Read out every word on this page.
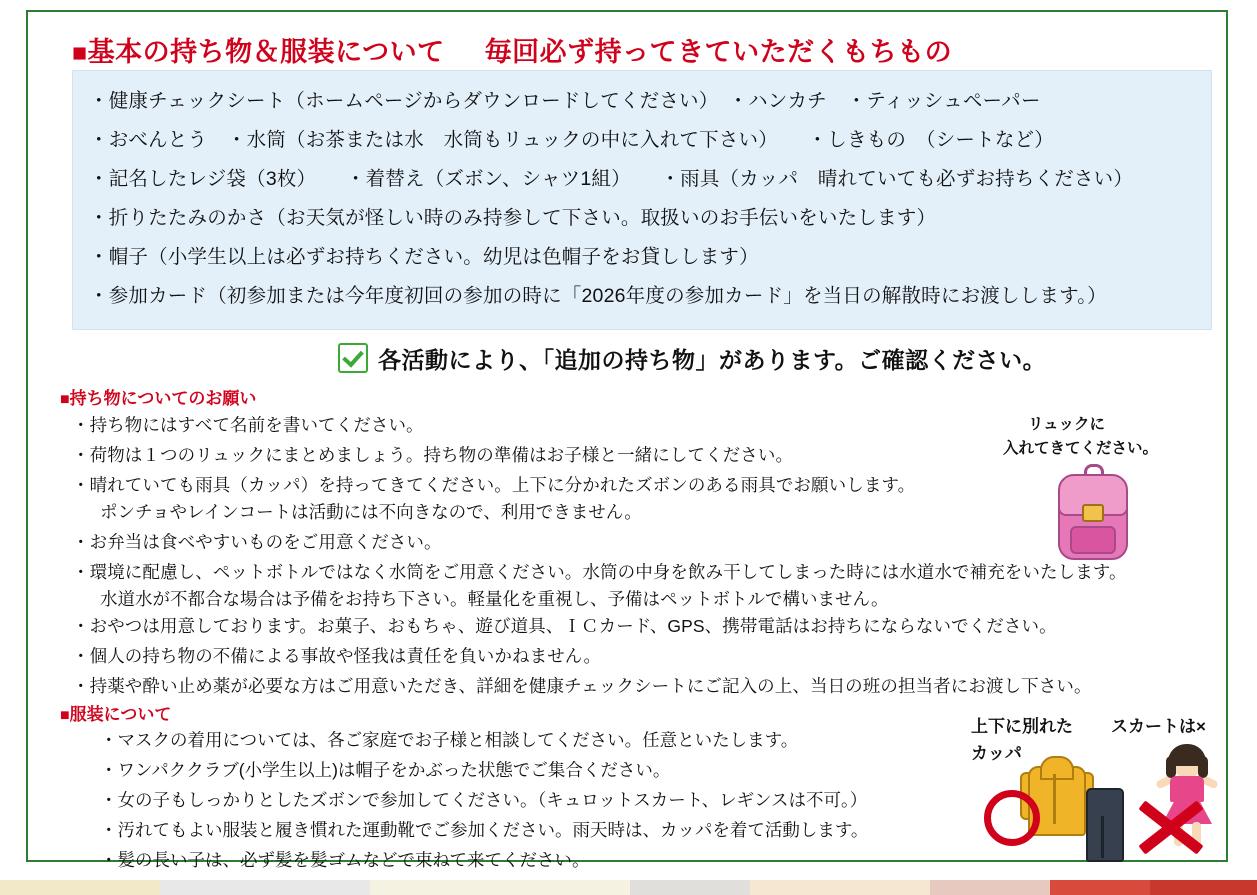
■基本の持ち物＆服装について 毎回必ず持ってきていただくもちもの
・健康チェックシート（ホームページからダウンロードしてください）　・ハンカチ　・ティッシュペーパー
・おべんとう　・水筒（お茶または水　水筒もリュックの中に入れて下さい）　　・しきもの　（シートなど）
・記名したレジ袋（3枚）　　・着替え（ズボン、シャツ1組）　　・雨具（カッパ　晴れていても必ずお持ちください）
・折りたたみのかさ（お天気が怪しい時のみ持参して下さい。取扱いのお手伝いをいたします）
・帽子（小学生以上は必ずお持ちください。幼児は色帽子をお貸しします）
・参加カード（初参加または今年度初回の参加の時に「2026年度の参加カード」を当日の解散時にお渡しします。）
各活動により、「追加の持ち物」があります。ご確認ください。
■持ち物についてのお願い
・持ち物にはすべて名前を書いてください。
・荷物は１つのリュックにまとめましょう。持ち物の準備はお子様と一緒にしてください。
・晴れていても雨具（カッパ）を持ってきてください。上下に分かれたズボンのある雨具でお願いします。
ポンチョやレインコートは活動には不向きなので、利用できません。
・お弁当は食べやすいものをご用意ください。
・環境に配慮し、ペットボトルではなく水筒をご用意ください。水筒の中身を飲み干してしまった時には水道水で補充をいたします。
水道水が不都合な場合は予備をお持ち下さい。軽量化を重視し、予備はペットボトルで構いません。
・おやつは用意しております。お菓子、おもちゃ、遊び道具、ＩＣカード、GPS、携帯電話はお持ちにならないでください。
・個人の持ち物の不備による事故や怪我は責任を負いかねません。
・持薬や酔い止め薬が必要な方はご用意いただき、詳細を健康チェックシートにご記入の上、当日の班の担当者にお渡し下さい。
■服装について
・マスクの着用については、各ご家庭でお子様と相談してください。任意といたします。
・ワンパククラブ(小学生以上)は帽子をかぶった状態でご集合ください。
・女の子もしっかりとしたズボンで参加してください。（キュロットスカート、レギンスは不可。）
・汚れてもよい服装と履き慣れた運動靴でご参加ください。雨天時は、カッパを着て活動します。
・髪の長い子は、必ず髪を髪ゴムなどで束ねて来てください。
リュックに
入れてきてください。
上下に別れた
カッパ
スカートは×
